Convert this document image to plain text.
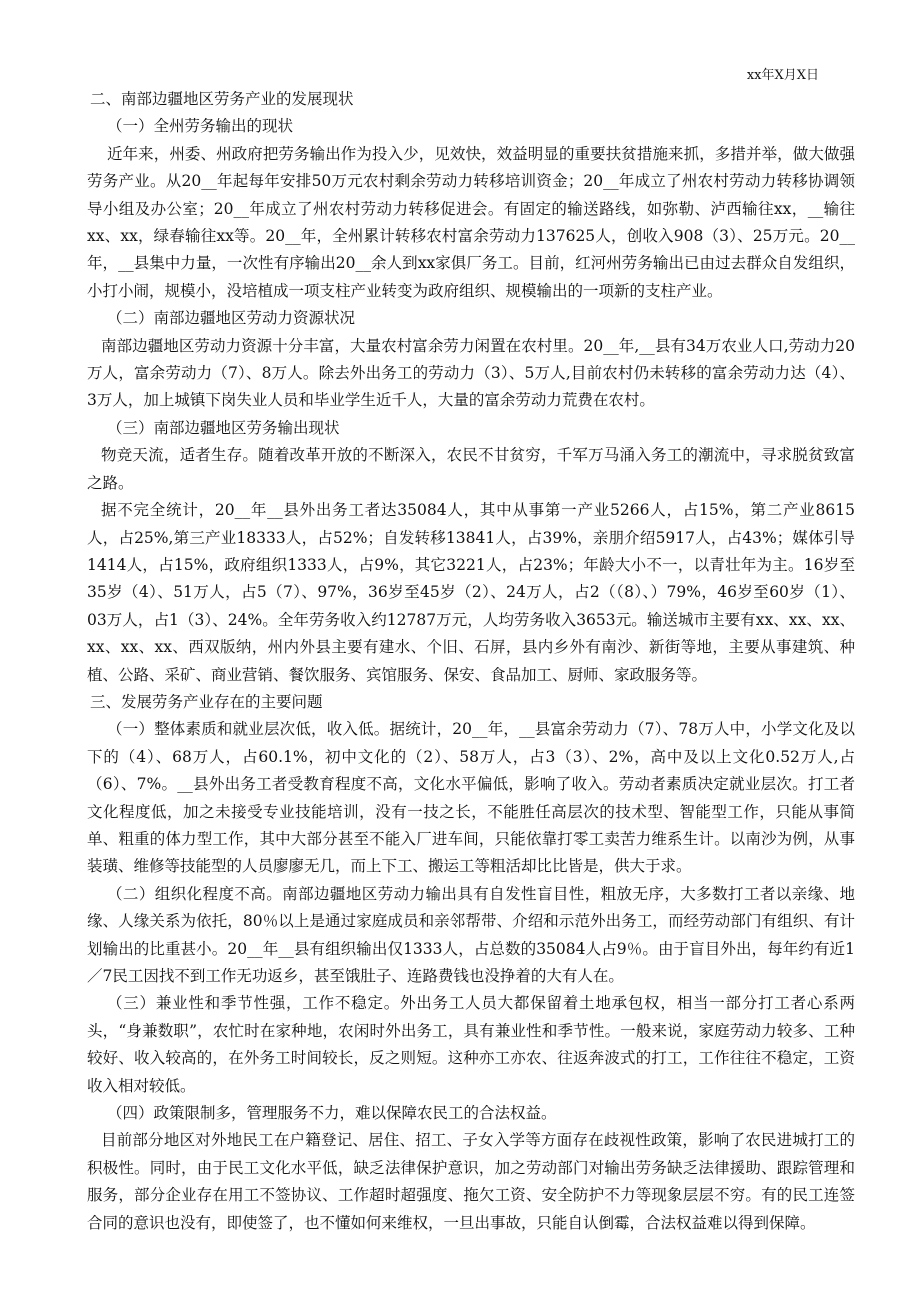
xx年X月X日

二、南部边疆地区劳务产业的发展现状

（一）全州劳务输出的现状

近年来，州委、州政府把劳务输出作为投入少，见效快，效益明显的重要扶贫措施来抓，多措并举，做大做强劳务产业。从20__年起每年安排50万元农村剩余劳动力转移培训资金；20__年成立了州农村劳动力转移协调领导小组及办公室；20__年成立了州农村劳动力转移促进会。有固定的输送路线，如弥勒、泸西输往xx，__输往xx、xx，绿春输往xx等。20__年，全州累计转移农村富余劳动力137625人，创收入908（3）、25万元。20__年，__县集中力量，一次性有序输出20__余人到xx家俱厂务工。目前，红河州劳务输出已由过去群众自发组织，小打小闹，规模小，没培植成一项支柱产业转变为政府组织、规模输出的一项新的支柱产业。

（二）南部边疆地区劳动力资源状况

南部边疆地区劳动力资源十分丰富，大量农村富余劳力闲置在农村里。20__年,__县有34万农业人口,劳动力20万人，富余劳动力（7）、8万人。除去外出务工的劳动力（3）、5万人,目前农村仍未转移的富余劳动力达（4）、3万人，加上城镇下岗失业人员和毕业学生近千人，大量的富余劳动力荒费在农村。

（三）南部边疆地区劳务输出现状

物竞天流，适者生存。随着改革开放的不断深入，农民不甘贫穷，千军万马涌入务工的潮流中，寻求脱贫致富之路。

据不完全统计，20__年__县外出务工者达35084人，其中从事第一产业5266人，占15%，第二产业8615人，占25%,第三产业18333人，占52%；自发转移13841人，占39%，亲朋介绍5917人，占43%；媒体引导1414人，占15%，政府组织1333人，占9%，其它3221人，占23%；年龄大小不一，以青壮年为主。16岁至35岁（4）、51万人，占5（7）、97%，36岁至45岁（2）、24万人，占2（（8）、）79%，46岁至60岁（1）、03万人，占1（3）、24%。全年劳务收入约12787万元，人均劳务收入3653元。输送城市主要有xx、xx、xx、xx、xx、xx、西双版纳，州内外县主要有建水、个旧、石屏，县内乡外有南沙、新街等地，主要从事建筑、种植、公路、采矿、商业营销、餐饮服务、宾馆服务、保安、食品加工、厨师、家政服务等。

三、发展劳务产业存在的主要问题

（一）整体素质和就业层次低，收入低。据统计，20__年，__县富余劳动力（7）、78万人中，小学文化及以下的（4）、68万人，占60.1%，初中文化的（2）、58万人，占3（3）、2%，高中及以上文化0.52万人,占（6）、7%。__县外出务工者受教育程度不高，文化水平偏低，影响了收入。劳动者素质决定就业层次。打工者文化程度低，加之未接受专业技能培训，没有一技之长，不能胜任高层次的技术型、智能型工作，只能从事简单、粗重的体力型工作，其中大部分甚至不能入厂进车间，只能依靠打零工卖苦力维系生计。以南沙为例，从事装璜、维修等技能型的人员廖廖无几，而上下工、搬运工等粗活却比比皆是，供大于求。

（二）组织化程度不高。南部边疆地区劳动力输出具有自发性盲目性，粗放无序，大多数打工者以亲缘、地缘、人缘关系为依托，80％以上是通过家庭成员和亲邻帮带、介绍和示范外出务工，而经劳动部门有组织、有计划输出的比重甚小。20__年__县有组织输出仅1333人，占总数的35084人占9％。由于盲目外出，每年约有近1／7民工因找不到工作无功返乡，甚至饿肚子、连路费钱也没挣着的大有人在。

（三）兼业性和季节性强，工作不稳定。外出务工人员大都保留着土地承包权，相当一部分打工者心系两头，“身兼数职”，农忙时在家种地，农闲时外出务工，具有兼业性和季节性。一般来说，家庭劳动力较多、工种较好、收入较高的，在外务工时间较长，反之则短。这种亦工亦农、往返奔波式的打工，工作往往不稳定，工资收入相对较低。

（四）政策限制多，管理服务不力，难以保障农民工的合法权益。

目前部分地区对外地民工在户籍登记、居住、招工、子女入学等方面存在歧视性政策，影响了农民进城打工的积极性。同时，由于民工文化水平低，缺乏法律保护意识，加之劳动部门对输出劳务缺乏法律援助、跟踪管理和服务，部分企业存在用工不签协议、工作超时超强度、拖欠工资、安全防护不力等现象层层不穷。有的民工连签合同的意识也没有，即使签了，也不懂如何来维权，一旦出事故，只能自认倒霉，合法权益难以得到保障。
